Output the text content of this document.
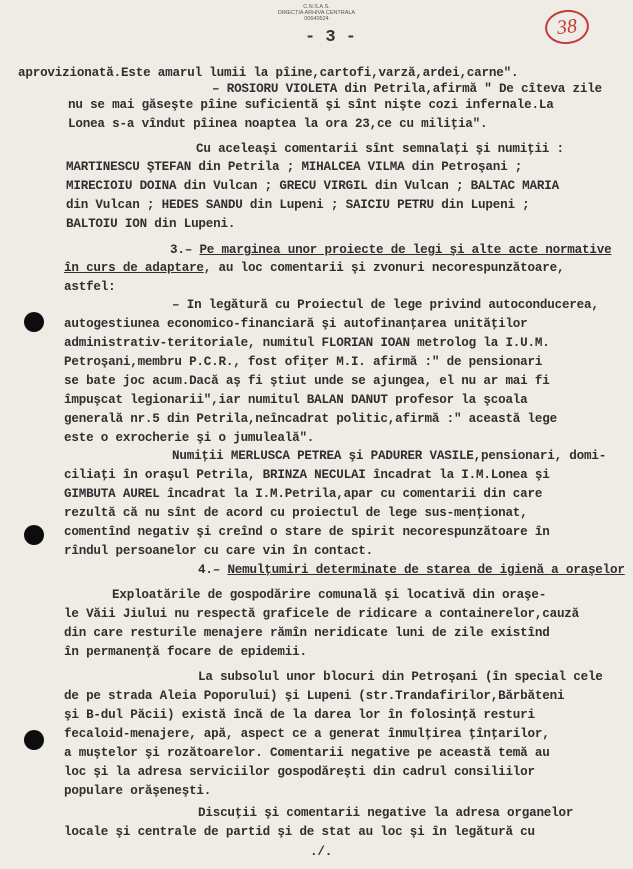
C.N.S.A.S.
DIRECTIA ARHIVA CENTRALA
00640524
- 3 -	38
aprovizionată.Este amarul lumii la pîine,cartofi,varză,ardei,carne".
– ROSIORU VIOLETA din Petrila,afirmă " De cîteva zile
nu se mai găseşte pîine suficientă şi sînt nişte cozi infernale.La
Lonea s-a vîndut pîinea noaptea la ora 23,ce cu miliţia".
Cu aceleaşi comentarii sînt semnalaţi şi numiţii :
MARTINESCU ŞTEFAN din Petrila ; MIHALCEA VILMA din Petroşani ;
MIRECIOIU DOINA din Vulcan ; GRECU VIRGIL din Vulcan ; BALTAC MARIA
din Vulcan ; HEDES SANDU din Lupeni ; SAICIU PETRU din Lupeni ;
BALTOIU ION din Lupeni.
3.– Pe marginea unor proiecte de legi şi alte acte normative
în curs de adaptare, au loc comentarii şi zvonuri necorespunzătoare,
astfel:
– In legătură cu Proiectul de lege privind autoconducerea,
autogestiunea economico-financiară şi autofinanţarea unităţilor
administrativ-teritoriale, numitul FLORIAN IOAN metrolog la I.U.M.
Petroşani,membru P.C.R., fost ofiţer M.I. afirmă :" de pensionari
se bate joc acum.Dacă aş fi ştiut unde se ajungea, el nu ar mai fi
împuşcat legionarii",iar numitul BALAN DANUT profesor la şcoala
generală nr.5 din Petrila,neîncadrat politic,afirmă :" această lege
este o exrocherie şi o jumuleală".
Numiţii MERLUSCA PETREA şi PADURER VASILE,pensionari, domi-
ciliaţi în oraşul Petrila, BRINZA NECULAI încadrat la I.M.Lonea şi
GIMBUTA AUREL încadrat la I.M.Petrila,apar cu comentarii din care
rezultă că nu sînt de acord cu proiectul de lege sus-menţionat,
comentînd negativ şi creînd o stare de spirit necorespunzătoare în
rîndul persoanelor cu care vin în contact.
4.– Nemulţumiri determinate de starea de igienă a oraşelor
Exploatările de gospodărire comunală şi locativă din oraşe-
le Văii Jiului nu respectă graficele de ridicare a containerelor,cauză
din care resturile menajere rămîn neridicate luni de zile existînd
în permanenţă focare de epidemii.
La subsolul unor blocuri din Petroşani (în special cele
de pe strada Aleia Poporului) şi Lupeni (str.Trandafirilor,Bărbăteni
şi B-dul Păcii) există încă de la darea lor în folosinţă resturi
fecaloid-menajere, apă, aspect ce a generat înmulţirea ţînţarilor,
a muştelor şi rozătoarelor. Comentarii negative pe această temă au
loc şi la adresa serviciilor gospodăreşti din cadrul consiliilor
populare orăşeneşti.
Discuţii şi comentarii negative la adresa organelor
locale şi centrale de partid şi de stat au loc şi în legătură cu
./.
